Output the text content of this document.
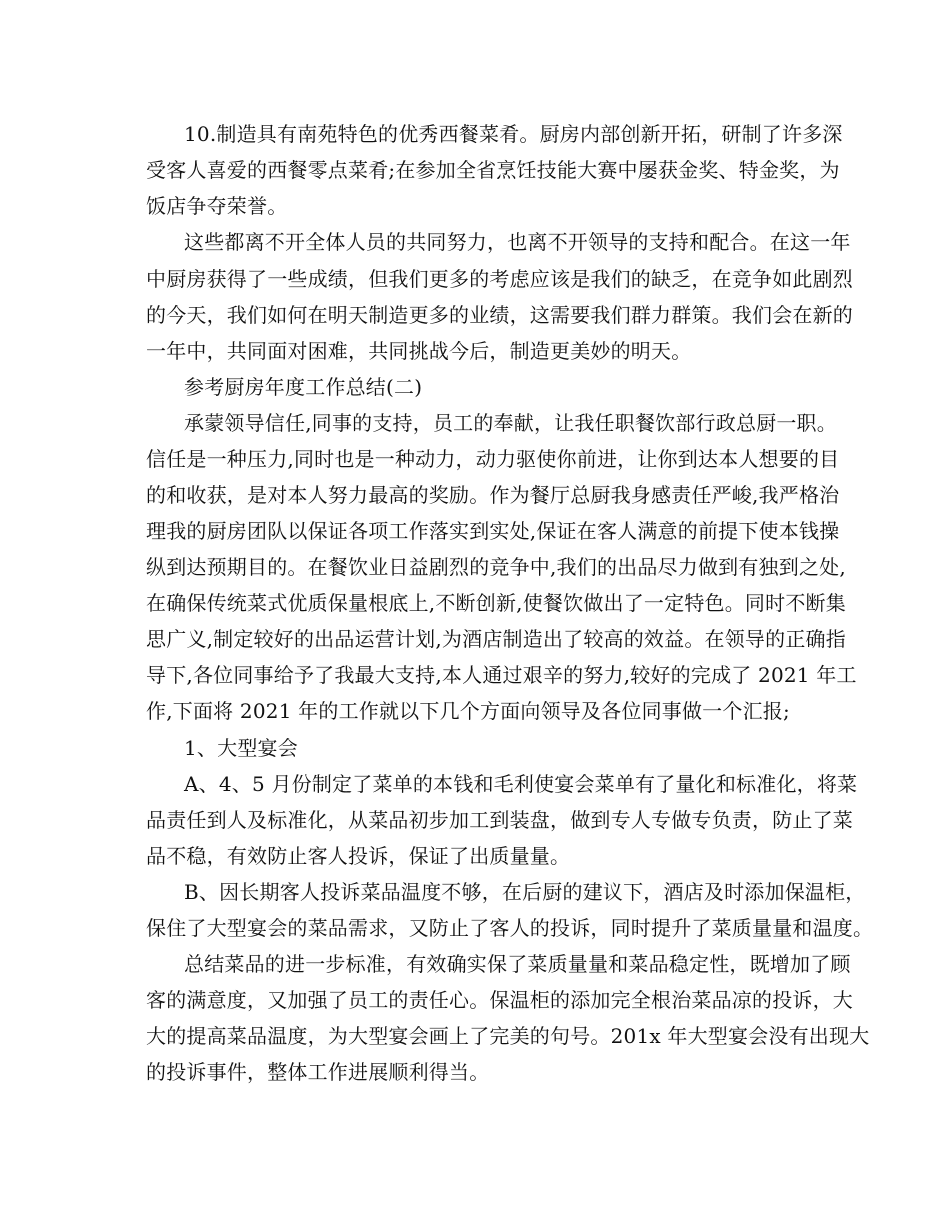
10.制造具有南苑特色的优秀西餐菜肴。厨房内部创新开拓，研制了许多深
受客人喜爱的西餐零点菜肴;在参加全省烹饪技能大赛中屡获金奖、特金奖，为
饭店争夺荣誉。
这些都离不开全体人员的共同努力，也离不开领导的支持和配合。在这一年
中厨房获得了一些成绩，但我们更多的考虑应该是我们的缺乏，在竞争如此剧烈
的今天，我们如何在明天制造更多的业绩，这需要我们群力群策。我们会在新的
一年中，共同面对困难，共同挑战今后，制造更美妙的明天。
参考厨房年度工作总结(二)
承蒙领导信任,同事的支持，员工的奉献，让我任职餐饮部行政总厨一职。
信任是一种压力,同时也是一种动力，动力驱使你前进，让你到达本人想要的目
的和收获，是对本人努力最高的奖励。作为餐厅总厨我身感责任严峻,我严格治
理我的厨房团队以保证各项工作落实到实处,保证在客人满意的前提下使本钱操
纵到达预期目的。在餐饮业日益剧烈的竞争中,我们的出品尽力做到有独到之处,
在确保传统菜式优质保量根底上,不断创新,使餐饮做出了一定特色。同时不断集
思广义,制定较好的出品运营计划,为酒店制造出了较高的效益。在领导的正确指
导下,各位同事给予了我最大支持,本人通过艰辛的努力,较好的完成了 2021 年工
作,下面将 2021 年的工作就以下几个方面向领导及各位同事做一个汇报;
1、大型宴会
A、4、5 月份制定了菜单的本钱和毛利使宴会菜单有了量化和标准化，将菜
品责任到人及标准化，从菜品初步加工到装盘，做到专人专做专负责，防止了菜
品不稳，有效防止客人投诉，保证了出质量量。
B、因长期客人投诉菜品温度不够，在后厨的建议下，酒店及时添加保温柜，
保住了大型宴会的菜品需求，又防止了客人的投诉，同时提升了菜质量量和温度。
总结菜品的进一步标准，有效确实保了菜质量量和菜品稳定性，既增加了顾
客的满意度，又加强了员工的责任心。保温柜的添加完全根治菜品凉的投诉，大
大的提高菜品温度，为大型宴会画上了完美的句号。201x 年大型宴会没有出现大
的投诉事件，整体工作进展顺利得当。
